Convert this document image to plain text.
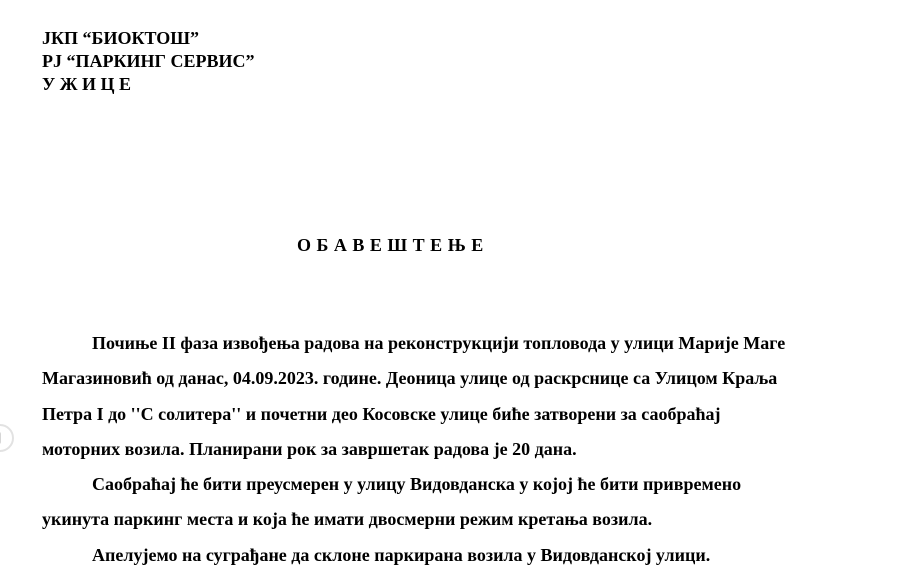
ЈКП “БИОКТОШ”
РЈ “ПАРКИНГ СЕРВИС”
У Ж И Ц Е
О Б А В Е Ш Т Е Њ Е
Почиње II фаза извођења радова на реконструкцији топловода у улици Марије Маге
Магазиновић од данас, 04.09.2023. године. Деоница улице од раскрснице са Улицом Краља
Петра I до ''С солитера'' и почетни део Косовске улице биће затворени за саобраћај
моторних возила. Планирани рок за завршетак радова је 20 дана.
Саобраћај ће бити преусмерен у улицу Видовданска у којој ће бити привремено
укинута паркинг места и која ће имати двосмерни режим кретања возила.
Апелујемо на суграђане да склоне паркирана возила у Видовданској улици.
